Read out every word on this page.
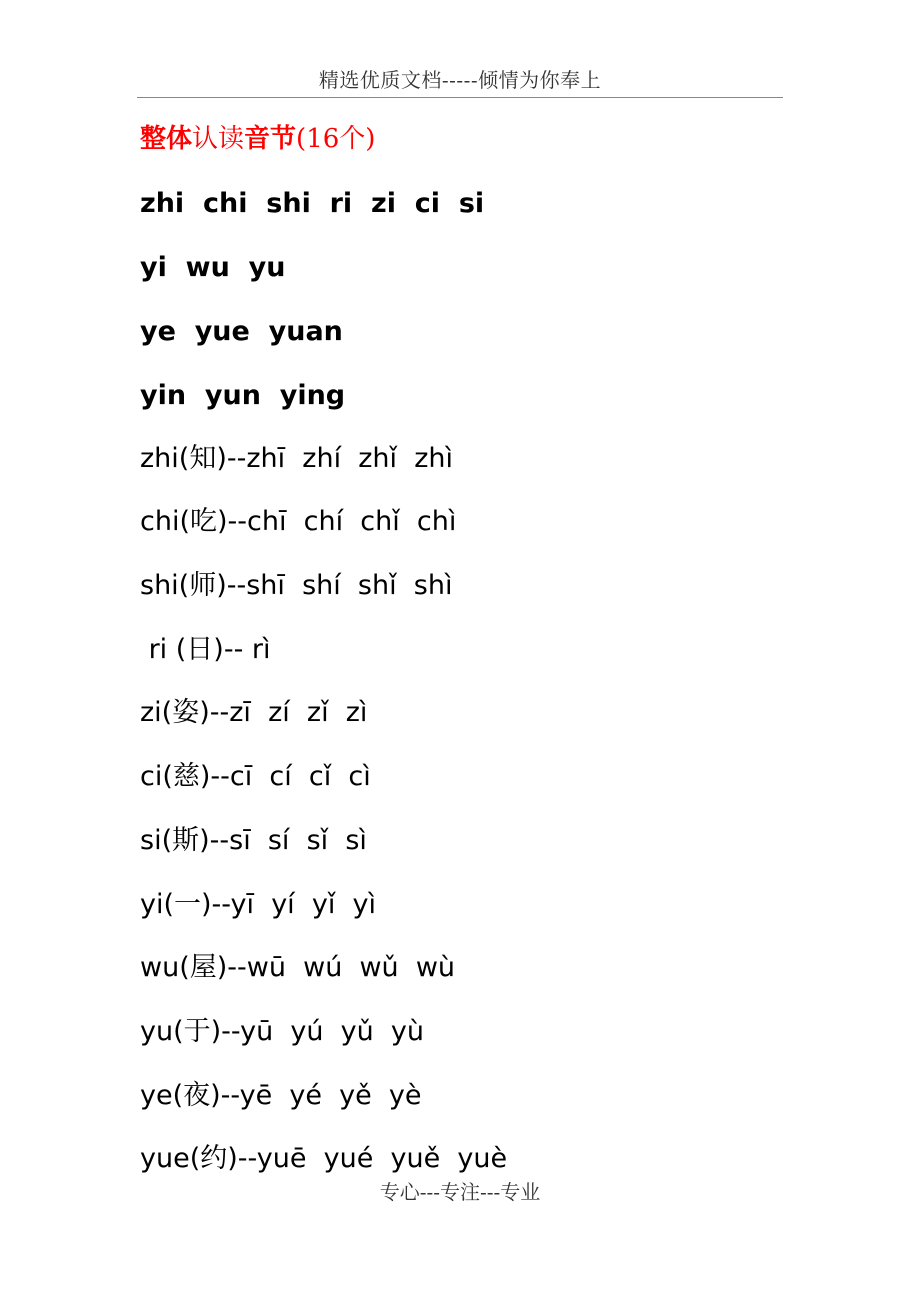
精选优质文档-----倾情为你奉上
整体认读音节(16个)
zhi  chi  shi  ri  zi  ci  si
yi  wu  yu
ye  yue  yuan
yin  yun  ying
zhi(知)--zhī  zhí  zhǐ  zhì
chi(吃)--chī  chí  chǐ  chì
shi(师)--shī  shí  shǐ  shì
ri (日)-- rì
zi(姿)--zī  zí  zǐ  zì
ci(慈)--cī  cí  cǐ  cì
si(斯)--sī  sí  sǐ  sì
yi(一)--yī  yí  yǐ  yì
wu(屋)--wū  wú  wǔ  wù
yu(于)--yū  yú  yǔ  yù
ye(夜)--yē  yé  yě  yè
yue(约)--yuē  yué  yuě  yuè
专心---专注---专业
